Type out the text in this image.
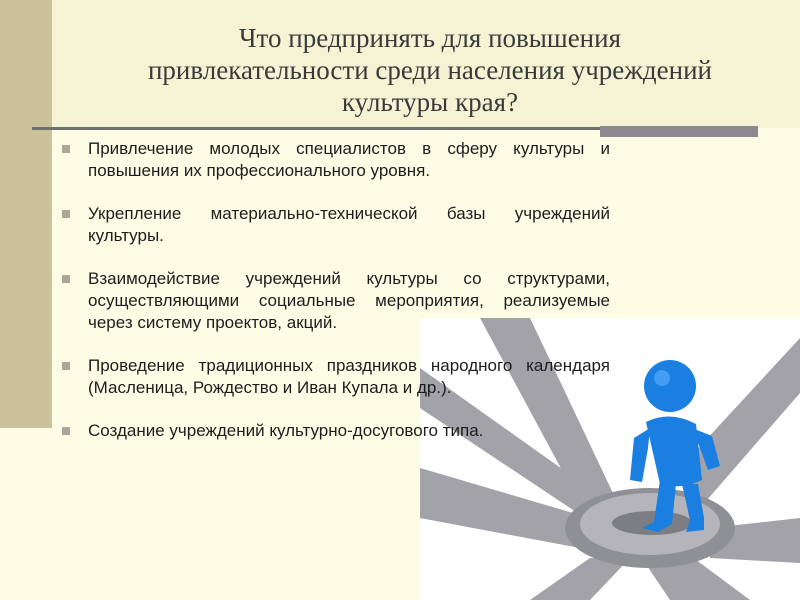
Что предпринять для повышения
привлекательности среди населения учреждений
культуры края?
Привлечение молодых специалистов в сферу культуры и повышения их профессионального уровня.
Укрепление материально-технической базы учреждений культуры.
Взаимодействие учреждений культуры со структурами, осуществляющими социальные мероприятия, реализуемые через систему проектов, акций.
Проведение традиционных праздников народного календаря (Масленица, Рождество и Иван Купала и др.).
Создание учреждений культурно-досугового типа.
